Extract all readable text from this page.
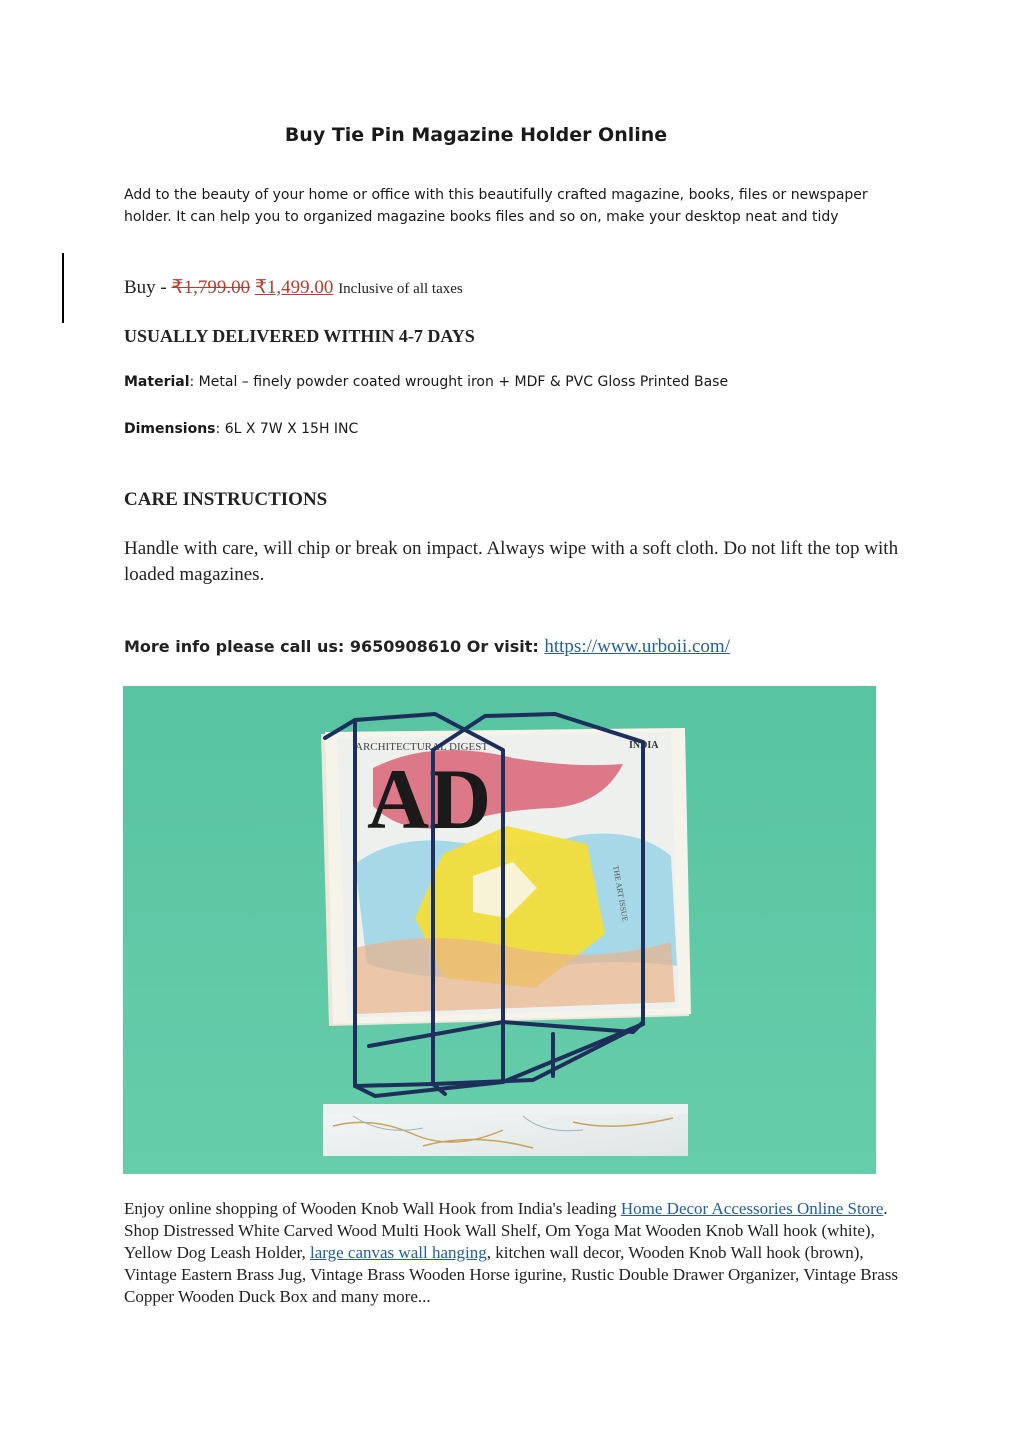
Buy Tie Pin Magazine Holder Online
Add to the beauty of your home or office with this beautifully crafted magazine, books, files or newspaper holder. It can help you to organized magazine books files and so on, make your desktop neat and tidy
Buy - ₹1,799.00 ₹1,499.00 Inclusive of all taxes
USUALLY DELIVERED WITHIN 4-7 DAYS
Material: Metal – finely powder coated wrought iron + MDF & PVC Gloss Printed Base
Dimensions: 6L X 7W X 15H INC
CARE INSTRUCTIONS
Handle with care, will chip or break on impact. Always wipe with a soft cloth. Do not lift the top with loaded magazines.
More info please call us: 9650908610 Or visit: https://www.urboii.com/
ARCHITECTURAL DIGEST
AD
INDIA
THE ART ISSUE
Enjoy online shopping of Wooden Knob Wall Hook from India's leading Home Decor Accessories Online Store. Shop Distressed White Carved Wood Multi Hook Wall Shelf, Om Yoga Mat Wooden Knob Wall hook (white), Yellow Dog Leash Holder, large canvas wall hanging, kitchen wall decor, Wooden Knob Wall hook (brown), Vintage Eastern Brass Jug, Vintage Brass Wooden Horse igurine, Rustic Double Drawer Organizer, Vintage Brass Copper Wooden Duck Box and many more...
